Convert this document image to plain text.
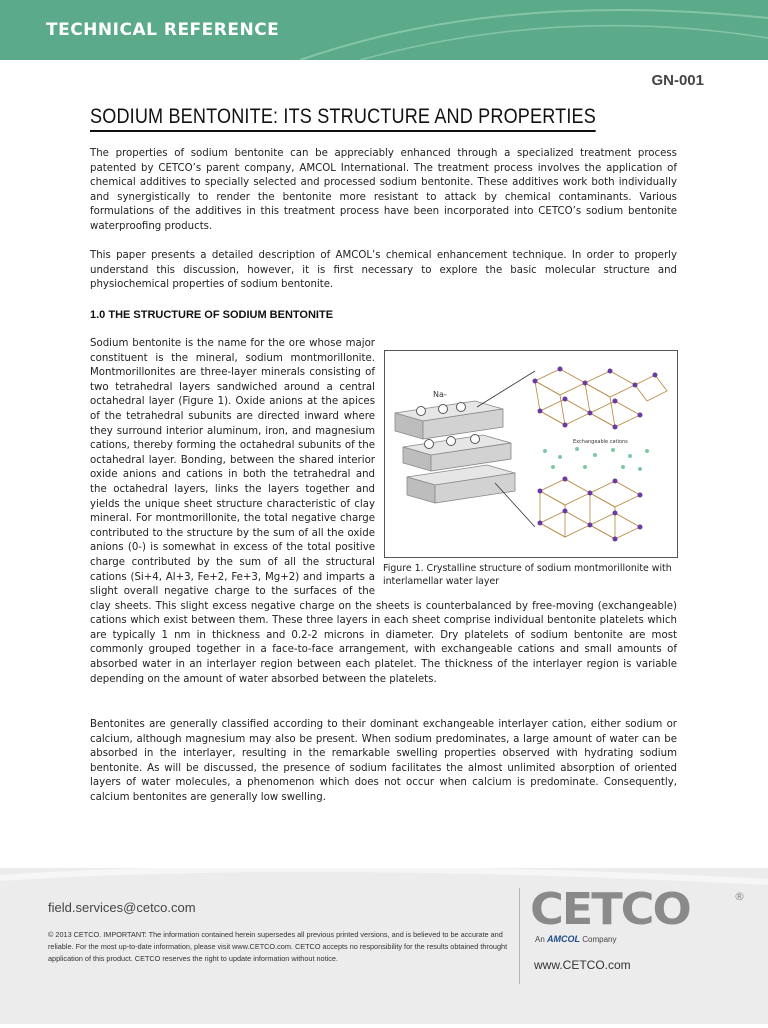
TECHNICAL REFERENCE
GN-001
SODIUM BENTONITE: ITS STRUCTURE AND PROPERTIES

The properties of sodium bentonite can be appreciably enhanced through a specialized treatment process patented by CETCO’s parent company, AMCOL International. The treatment process involves the application of chemical additives to specially selected and processed sodium bentonite. These additives work both individually and synergistically to render the bentonite more resistant to attack by chemical contaminants. Various formulations of the additives in this treatment process have been incorporated into CETCO’s sodium bentonite waterproofing products.

This paper presents a detailed description of AMCOL’s chemical enhancement technique. In order to properly understand this discussion, however, it is first necessary to explore the basic molecular structure and physiochemical properties of sodium bentonite.

1.0 THE STRUCTURE OF SODIUM BENTONITE
Na-
Exchangeable cations
Figure 1. Crystalline structure of sodium montmorillonite with interlamellar water layer
Sodium bentonite is the name for the ore whose major constituent is the mineral, sodium montmorillonite. Montmorillonites are three-layer minerals consisting of two tetrahedral layers sandwiched around a central octahedral layer (Figure 1). Oxide anions at the apices of the tetrahedral subunits are directed inward where they surround interior aluminum, iron, and magnesium cations, thereby forming the octahedral subunits of the octahedral layer. Bonding, between the shared interior oxide anions and cations in both the tetrahedral and the octahedral layers, links the layers together and yields the unique sheet structure characteristic of clay mineral. For montmorillonite, the total negative charge contributed to the structure by the sum of all the oxide anions (0-) is somewhat in excess of the total positive charge contributed by the sum of all the structural cations (Si+4, Al+3, Fe+2, Fe+3, Mg+2) and imparts a slight overall negative charge to the surfaces of the clay sheets. This slight excess negative charge on the sheets is counterbalanced by free-moving (exchangeable) cations which exist between them. These three layers in each sheet comprise individual bentonite platelets which are typically 1 nm in thickness and 0.2-2 microns in diameter. Dry platelets of sodium bentonite are most commonly grouped together in a face-to-face arrangement, with exchangeable cations and small amounts of absorbed water in an interlayer region between each platelet. The thickness of the interlayer region is variable depending on the amount of water absorbed between the platelets.

Bentonites are generally classified according to their dominant exchangeable interlayer cation, either sodium or calcium, although magnesium may also be present. When sodium predominates, a large amount of water can be absorbed in the interlayer, resulting in the remarkable swelling properties observed with hydrating sodium bentonite. As will be discussed, the presence of sodium facilitates the almost unlimited absorption of oriented layers of water molecules, a phenomenon which does not occur when calcium is predominate. Consequently, calcium bentonites are generally low swelling.

field.services@cetco.com
© 2013 CETCO. IMPORTANT: The information contained herein supersedes all previous printed versions, and is believed to be accurate and reliable. For the most up-to-date information, please visit www.CETCO.com. CETCO accepts no responsibility for the results obtained throught application of this product. CETCO reserves the right to update information without notice.
CETCO	®
An AMCOL Company
www.CETCO.com
